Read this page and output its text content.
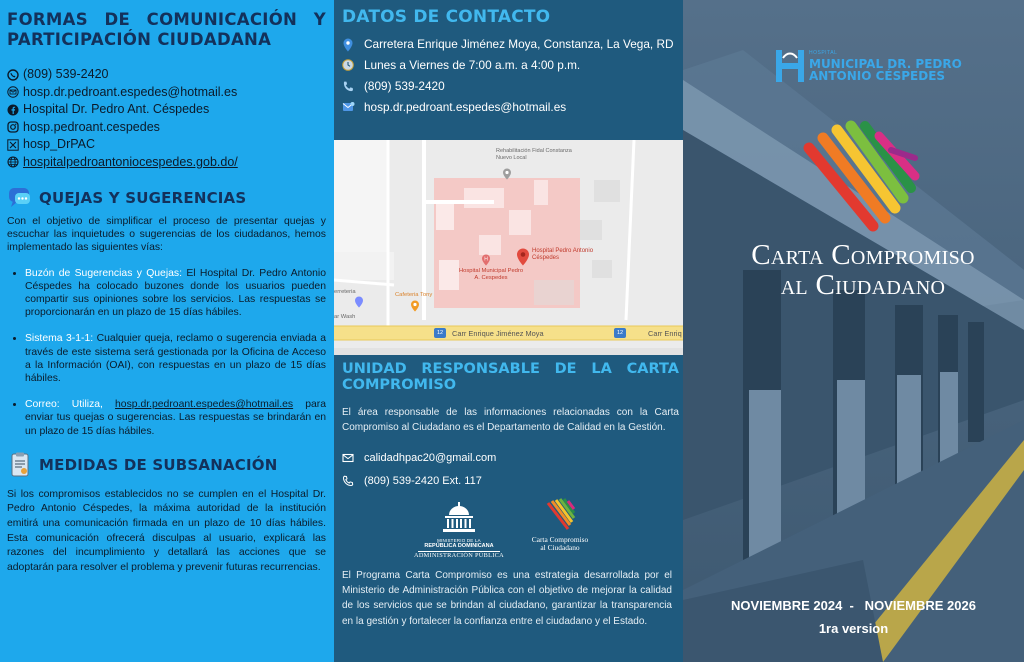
FORMAS DE COMUNICACIÓN Y
PARTICIPACIÓN CIUDADANA
(809) 539-2420
hosp.dr.pedroant.espedes@hotmail.es
Hospital Dr. Pedro Ant. Céspedes
hosp.pedroant.cespedes
hosp_DrPAC
hospitalpedroantoniocespedes.gob.do/
QUEJAS Y SUGERENCIAS

Con el objetivo de simplificar el proceso de presentar quejas y escuchar las inquietudes o sugerencias de los ciudadanos, hemos implementado las siguientes vías:

• Buzón de Sugerencias y Quejas: El Hospital Dr. Pedro Antonio Céspedes ha colocado buzones donde los usuarios pueden compartir sus opiniones sobre los servicios. Las respuestas se proporcionarán en un plazo de 15 días hábiles.
• Sistema 3-1-1: Cualquier queja, reclamo o sugerencia enviada a través de este sistema será gestionada por la Oficina de Acceso a la Información (OAI), con respuestas en un plazo de 15 días hábiles.
• Correo: Utiliza, hosp.dr.pedroant.espedes@hotmail.es para enviar tus quejas o sugerencias. Las respuestas se brindarán en un plazo de 15 días hábiles.
MEDIDAS DE SUBSANACIÓN

Si los compromisos establecidos no se cumplen en el Hospital Dr. Pedro Antonio Céspedes, la máxima autoridad de la institución emitirá una comunicación firmada en un plazo de 10 días hábiles. Esta comunicación ofrecerá disculpas al usuario, explicará las razones del incumplimiento y detallará las acciones que se adoptarán para resolver el problema y prevenir futuras recurrencias.

DATOS DE CONTACTO
Carretera Enrique Jiménez Moya, Constanza, La Vega, RD
Lunes a Viernes de 7:00 a.m. a 4:00 p.m.
(809) 539-2420
hosp.dr.pedroant.espedes@hotmail.es
UNIDAD RESPONSABLE DE LA CARTA COMPROMISO

El área responsable de las informaciones relacionadas con la Carta Compromiso al Ciudadano es el Departamento de Calidad en la Gestión.

calidadhpac20@gmail.com
(809) 539-2420 Ext. 117
MINISTERIO DE LA
REPÚBLICA DOMINICANA
ADMINISTRACIÓN PÚBLICA
Carta Compromiso
al Ciudadano

El Programa Carta Compromiso es una estrategia desarrollada por el Ministerio de Administración Pública con el objetivo de mejorar la calidad de los servicios que se brindan al ciudadano, garantizar la transparencia en la gestión y fortalecer la confianza entre el ciudadano y el Estado.

Rehabilitación Fidal Constanza Nuevo Local
Hospital Pedro Antonio Céspedes
H
Hospital Municipal Pedro A. Cespedes
Cafeteria Tony
erreteria
ar Wash
Carr Enrique Jiménez Moya	Carr Enriq
12	12
HOSPITAL
MUNICIPAL DR. PEDRO
ANTONIO CÉSPEDES
Carta Compromiso
al Ciudadano
NOVIEMBRE 2024  -   NOVIEMBRE 2026
1ra version
